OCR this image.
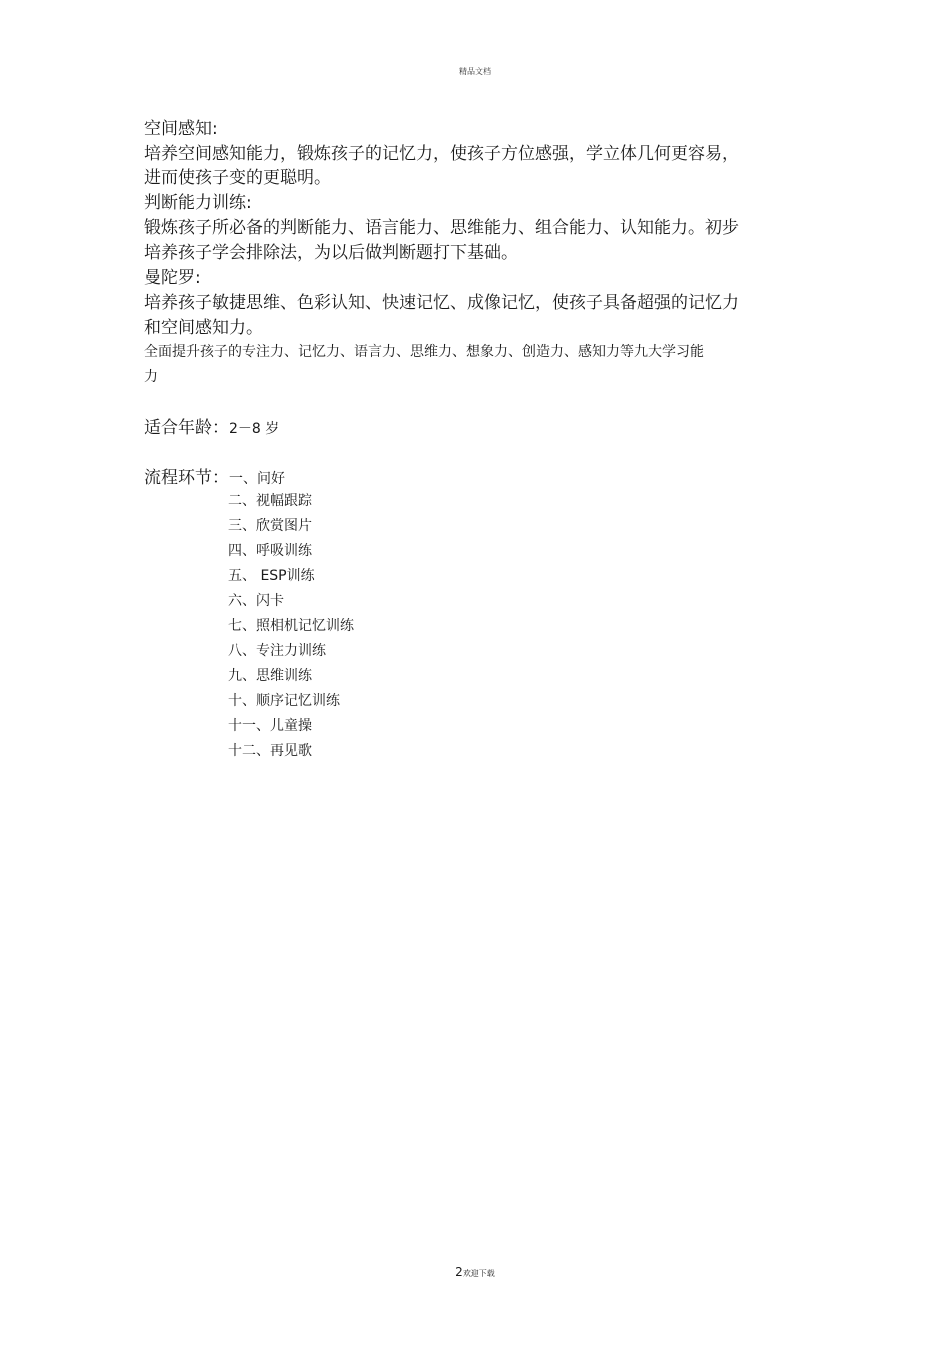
精品文档
空间感知:
培养空间感知能力，锻炼孩子的记忆力，使孩子方位感强，学立体几何更容易，
进而使孩子变的更聪明。
判断能力训练:
锻炼孩子所必备的判断能力、语言能力、思维能力、组合能力、认知能力。初步
培养孩子学会排除法，为以后做判断题打下基础。
曼陀罗:
培养孩子敏捷思维、色彩认知、快速记忆、成像记忆，使孩子具备超强的记忆力
和空间感知力。
全面提升孩子的专注力、记忆力、语言力、思维力、想象力、创造力、感知力等九大学习能
力
适合年龄：2－8 岁
流程环节：一、问好
二、视幅跟踪
三、欣赏图片
四、呼吸训练
五、 ESP训练
六、闪卡
七、照相机记忆训练
八、专注力训练
九、思维训练
十、顺序记忆训练
十一、儿童操
十二、再见歌
2欢迎下载
